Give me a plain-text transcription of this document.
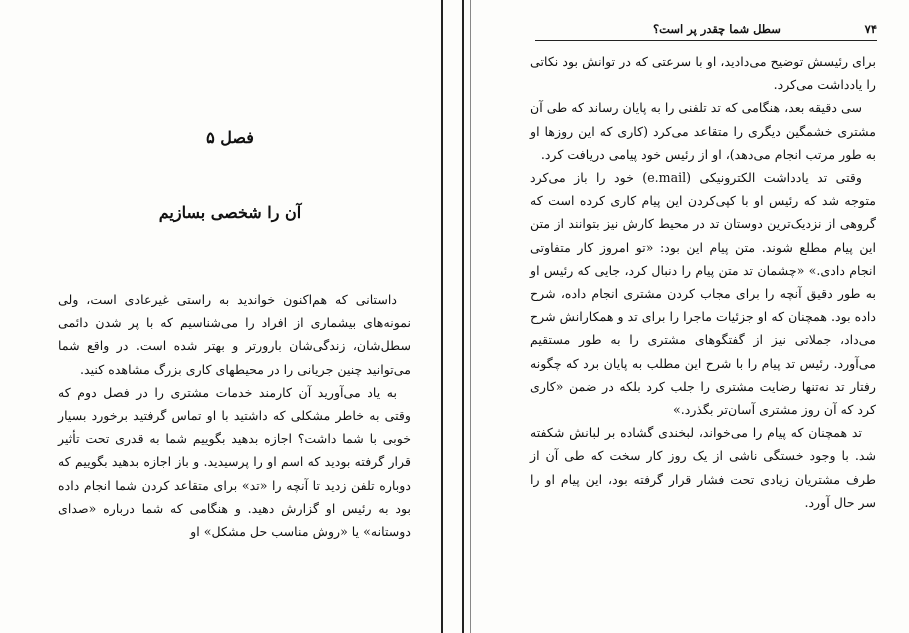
فصل ۵
آن را شخصی بسازیم

داستانی که هم‌اکنون خواندید به راستی غیرعادی است، ولی نمونه‌های بیشماری از افراد را می‌شناسیم که با پر شدن دائمی سطل‌شان، زندگی‌شان بارورتر و بهتر شده است. در واقع شما می‌توانید چنین جریانی را در محیطهای کاری بزرگ مشاهده کنید.

به یاد می‌آورید آن کارمند خدمات مشتری را در فصل دوم که وقتی به خاطر مشکلی که داشتید با او تماس گرفتید برخورد بسیار خوبی با شما داشت؟ اجازه بدهید بگوییم شما به قدری تحت تأثیر قرار گرفته بودید که اسم او را پرسیدید. و باز اجازه بدهید بگوییم که دوباره تلفن زدید تا آنچه را «تد» برای متقاعد کردن شما انجام داده بود به رئیس او گزارش دهید. و هنگامی که شما درباره «صدای دوستانه» یا «روش مناسب حل مشکل» او

۷۴
سطل شما چقدر پر است؟

برای رئیسش توضیح می‌دادید، او با سرعتی که در توانش بود نکاتی را یادداشت می‌کرد.

سی دقیقه بعد، هنگامی که تد تلفنی را به پایان رساند که طی آن مشتری خشمگین دیگری را متقاعد می‌کرد (کاری که این روزها او به طور مرتب انجام می‌دهد)، او از رئیس خود پیامی دریافت کرد.

وقتی تد یادداشت الکترونیکی (e.mail) خود را باز می‌کرد متوجه شد که رئیس او با کپی‌کردن این پیام کاری کرده است که گروهی از نزدیک‌ترین دوستان تد در محیط کارش نیز بتوانند از متن این پیام مطلع شوند. متن پیام این بود: «تو امروز کار متفاوتی انجام دادی.» «چشمان تد متن پیام را دنبال کرد، جایی که رئیس او به طور دقیق آنچه را برای مجاب کردن مشتری انجام داده، شرح داده بود. همچنان که او جزئیات ماجرا را برای تد و همکارانش شرح می‌داد، جملاتی نیز از گفتگوهای مشتری را به طور مستقیم می‌آورد. رئیس تد پیام را با شرح این مطلب به پایان برد که چگونه رفتار تد نه‌تنها رضایت مشتری را جلب کرد بلکه در ضمن «کاری کرد که آن روز مشتری آسان‌تر بگذرد.»

تد همچنان که پیام را می‌خواند، لبخندی گشاده بر لبانش شکفته شد. با وجود خستگی ناشی از یک روز کار سخت که طی آن از طرف مشتریان زیادی تحت فشار قرار گرفته بود، این پیام او را سر حال آورد.
